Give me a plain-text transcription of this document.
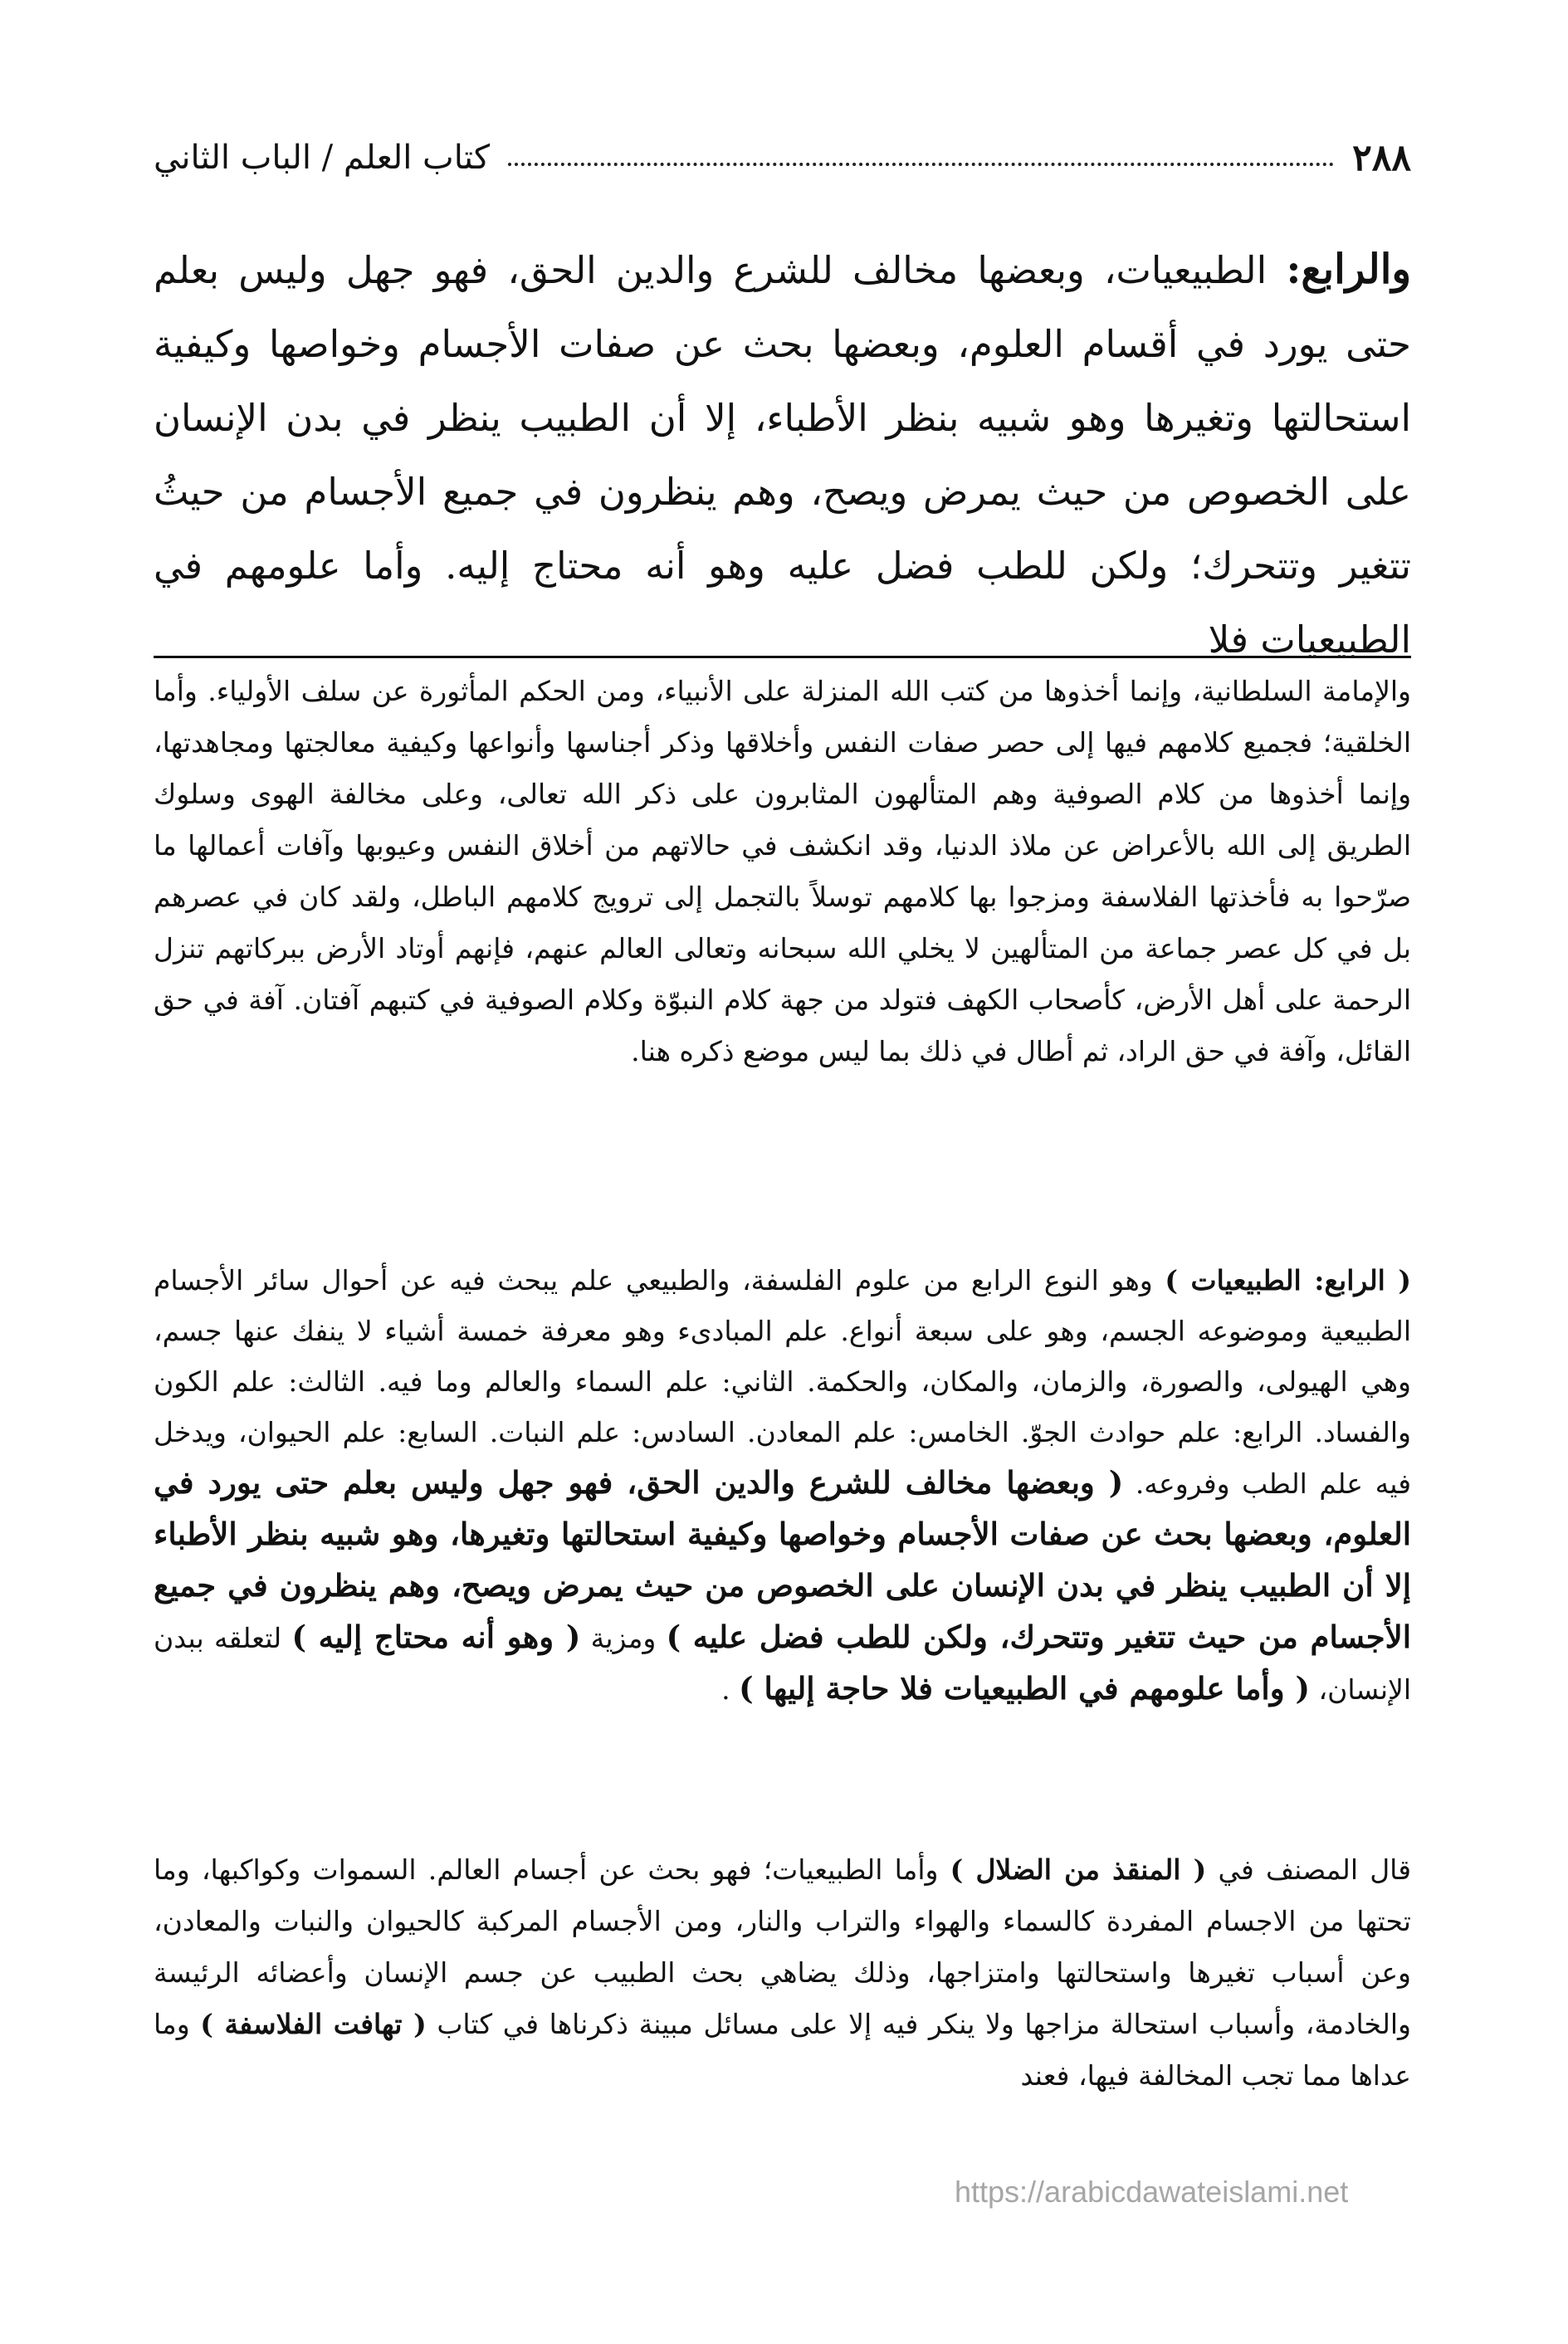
٢٨٨
كتاب العلم / الباب الثاني
والرابع: الطبيعيات، وبعضها مخالف للشرع والدين الحق، فهو جهل وليس بعلم حتى يورد في أقسام العلوم، وبعضها بحث عن صفات الأجسام وخواصها وكيفية استحالتها وتغيرها وهو شبيه بنظر الأطباء، إلا أن الطبيب ينظر في بدن الإنسان على الخصوص من حيث يمرض ويصح، وهم ينظرون في جميع الأجسام من حيثُ تتغير وتتحرك؛ ولكن للطب فضل عليه وهو أنه محتاج إليه. وأما علومهم في الطبيعيات فلا
والإمامة السلطانية، وإنما أخذوها من كتب الله المنزلة على الأنبياء، ومن الحكم المأثورة عن سلف الأولياء. وأما الخلقية؛ فجميع كلامهم فيها إلى حصر صفات النفس وأخلاقها وذكر أجناسها وأنواعها وكيفية معالجتها ومجاهدتها، وإنما أخذوها من كلام الصوفية وهم المتألهون المثابرون على ذكر الله تعالى، وعلى مخالفة الهوى وسلوك الطريق إلى الله بالأعراض عن ملاذ الدنيا، وقد انكشف في حالاتهم من أخلاق النفس وعيوبها وآفات أعمالها ما صرّحوا به فأخذتها الفلاسفة ومزجوا بها كلامهم توسلاً بالتجمل إلى ترويج كلامهم الباطل، ولقد كان في عصرهم بل في كل عصر جماعة من المتألهين لا يخلي الله سبحانه وتعالى العالم عنهم، فإنهم أوتاد الأرض ببركاتهم تنزل الرحمة على أهل الأرض، كأصحاب الكهف فتولد من جهة كلام النبوّة وكلام الصوفية في كتبهم آفتان. آفة في حق القائل، وآفة في حق الراد، ثم أطال في ذلك بما ليس موضع ذكره هنا.
( الرابع: الطبيعيات ) وهو النوع الرابع من علوم الفلسفة، والطبيعي علم يبحث فيه عن أحوال سائر الأجسام الطبيعية وموضوعه الجسم، وهو على سبعة أنواع. علم المبادىء وهو معرفة خمسة أشياء لا ينفك عنها جسم، وهي الهيولى، والصورة، والزمان، والمكان، والحكمة. الثاني: علم السماء والعالم وما فيه. الثالث: علم الكون والفساد. الرابع: علم حوادث الجوّ. الخامس: علم المعادن. السادس: علم النبات. السابع: علم الحيوان، ويدخل فيه علم الطب وفروعه. ( وبعضها مخالف للشرع والدين الحق، فهو جهل وليس بعلم حتى يورد في العلوم، وبعضها بحث عن صفات الأجسام وخواصها وكيفية استحالتها وتغيرها، وهو شبيه بنظر الأطباء إلا أن الطبيب ينظر في بدن الإنسان على الخصوص من حيث يمرض ويصح، وهم ينظرون في جميع الأجسام من حيث تتغير وتتحرك، ولكن للطب فضل عليه ) ومزية ( وهو أنه محتاج إليه ) لتعلقه ببدن الإنسان، ( وأما علومهم في الطبيعيات فلا حاجة إليها ) .
قال المصنف في ( المنقذ من الضلال ) وأما الطبيعيات؛ فهو بحث عن أجسام العالم. السموات وكواكبها، وما تحتها من الاجسام المفردة كالسماء والهواء والتراب والنار، ومن الأجسام المركبة كالحيوان والنبات والمعادن، وعن أسباب تغيرها واستحالتها وامتزاجها، وذلك يضاهي بحث الطبيب عن جسم الإنسان وأعضائه الرئيسة والخادمة، وأسباب استحالة مزاجها ولا ينكر فيه إلا على مسائل مبينة ذكرناها في كتاب ( تهافت الفلاسفة ) وما عداها مما تجب المخالفة فيها، فعند
https://arabicdawateislami.net
